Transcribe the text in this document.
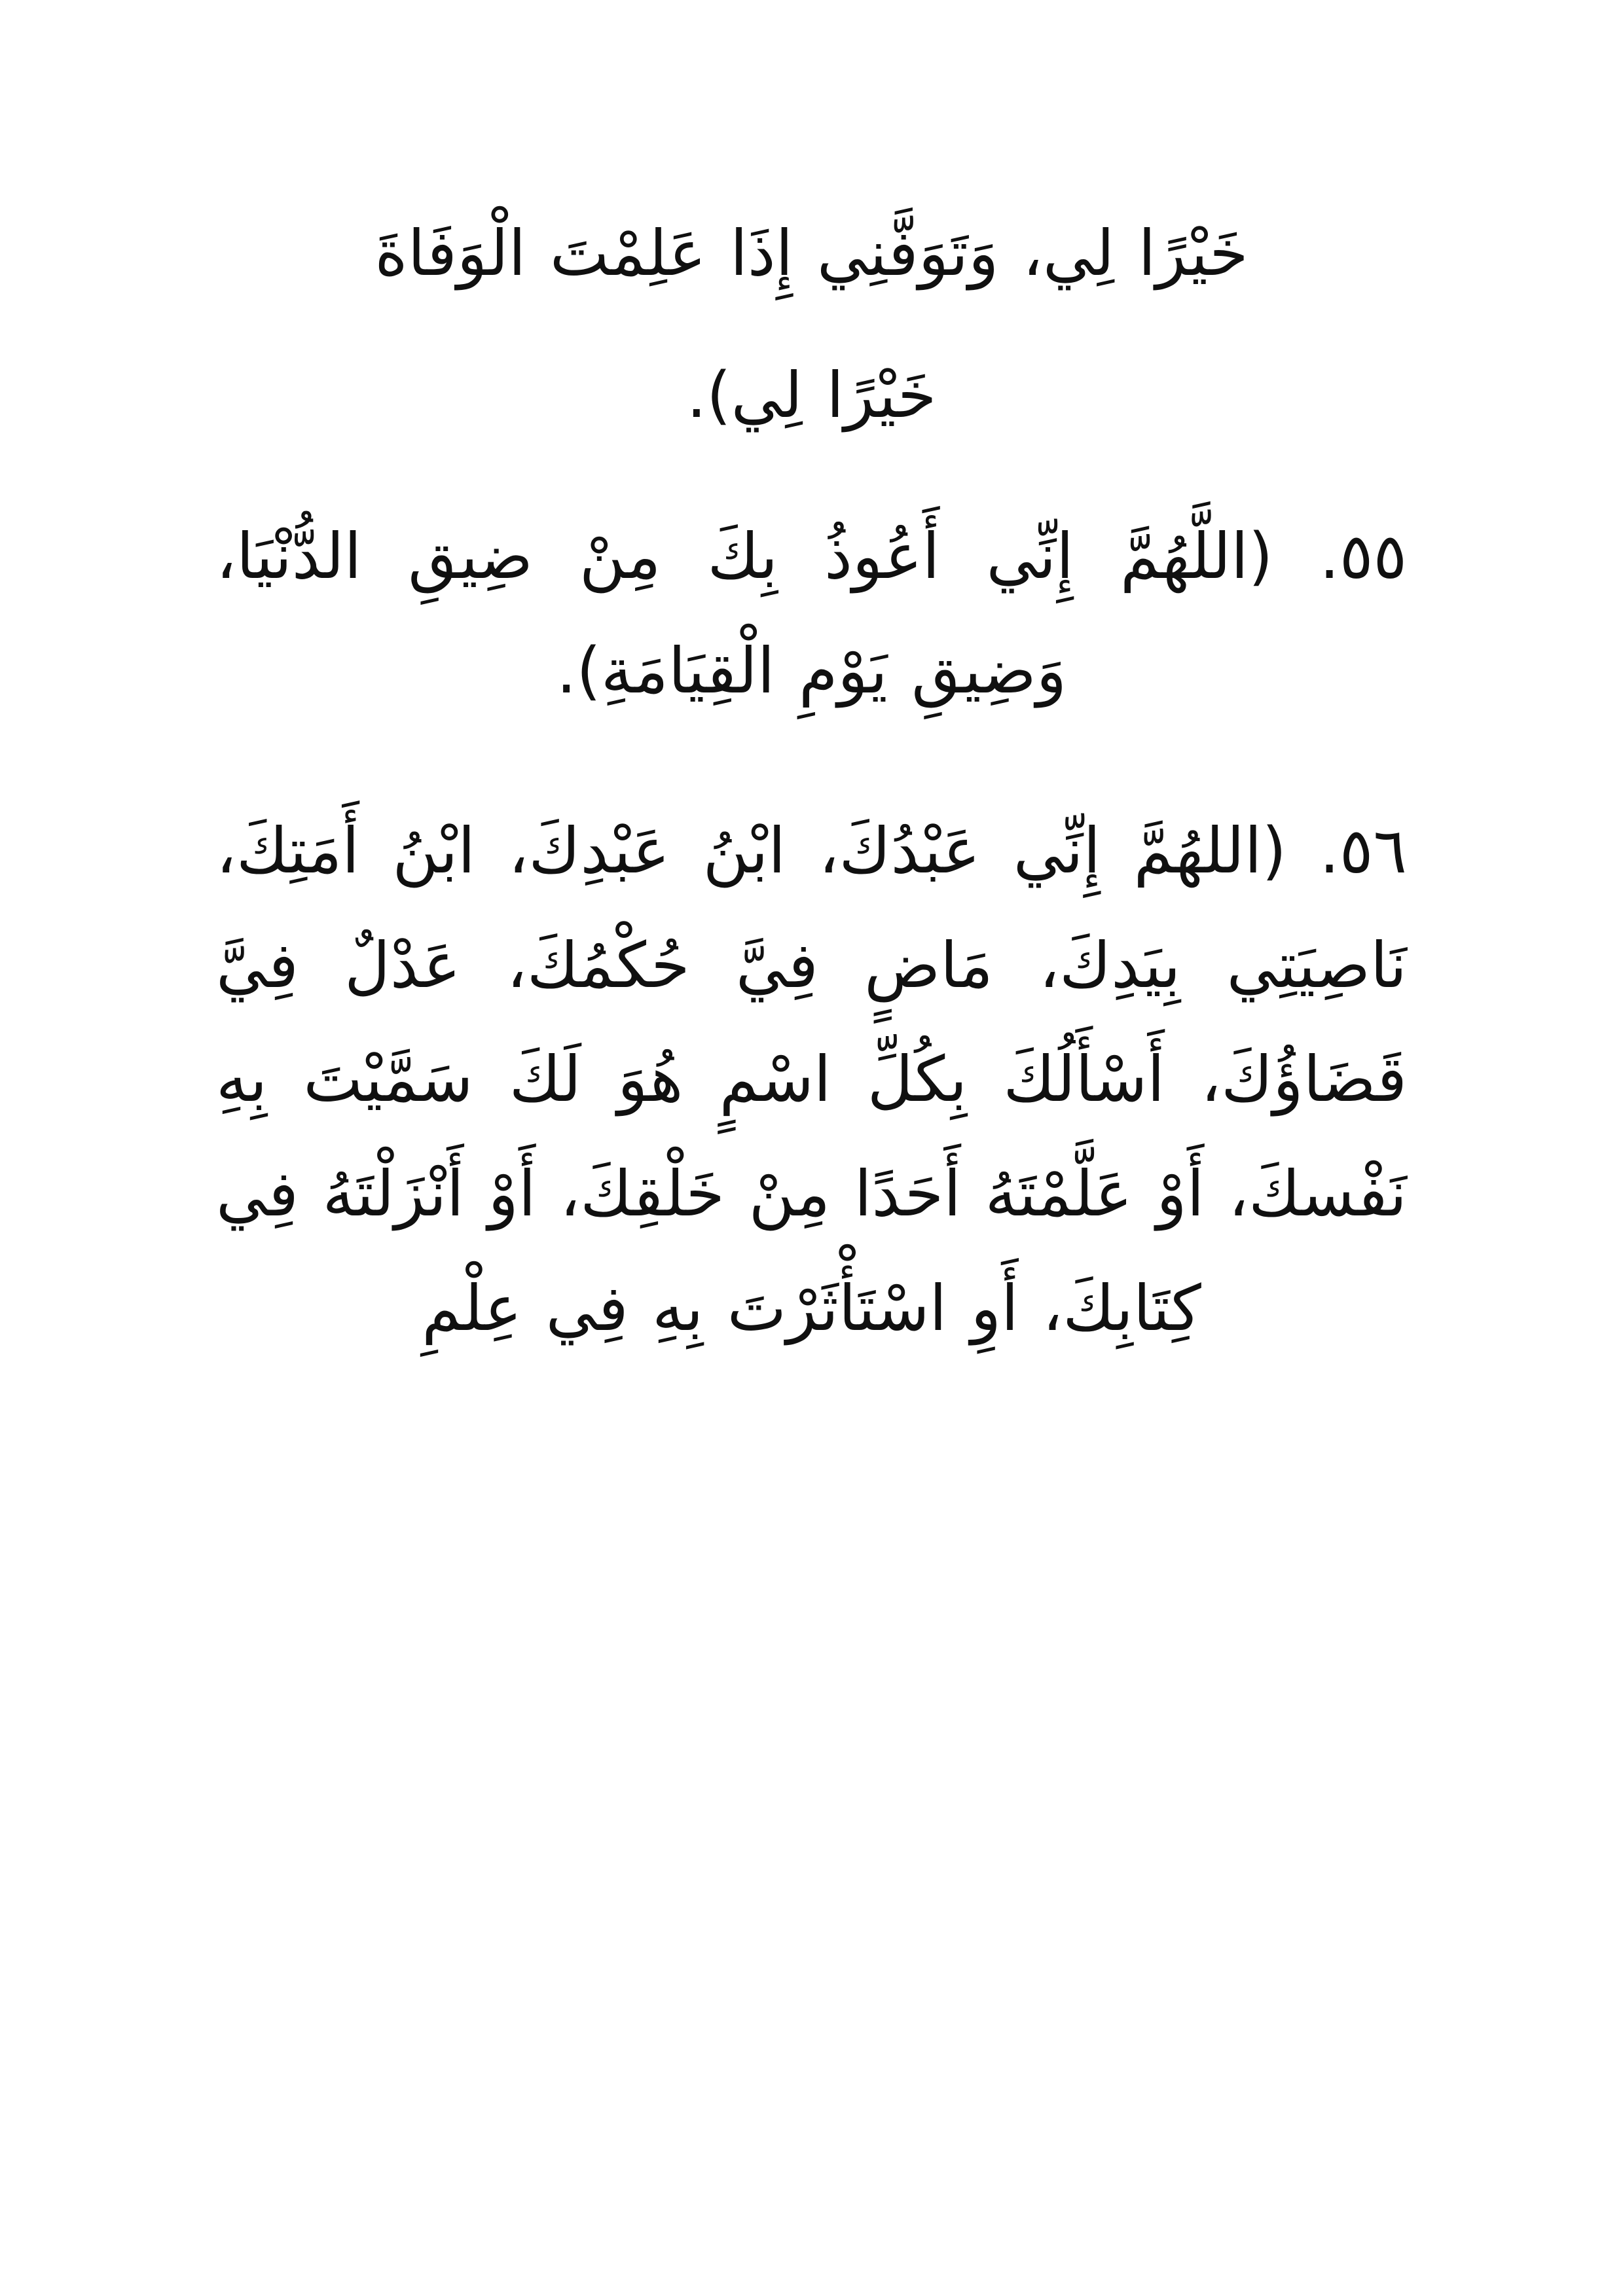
خَيْرًا لِي، وَتَوَفَّنِي إِذَا عَلِمْتَ الْوَفَاةَ
خَيْرًا لِي).
٥٥. (اللَّهُمَّ إِنِّي أَعُوذُ بِكَ مِنْ ضِيقِ الدُّنْيَا، وَضِيقِ يَوْمِ الْقِيَامَةِ).
٥٦. (اللهُمَّ إِنِّي عَبْدُكَ، ابْنُ عَبْدِكَ، ابْنُ أَمَتِكَ، نَاصِيَتِي بِيَدِكَ، مَاضٍ فِيَّ حُكْمُكَ، عَدْلٌ فِيَّ قَضَاؤُكَ، أَسْأَلُكَ بِكُلِّ اسْمٍ هُوَ لَكَ سَمَّيْتَ بِهِ نَفْسكَ، أَوْ عَلَّمْتَهُ أَحَدًا مِنْ خَلْقِكَ، أَوْ أَنْزَلْتَهُ فِي كِتَابِكَ، أَوِ اسْتَأْثَرْتَ بِهِ فِي عِلْمِ
